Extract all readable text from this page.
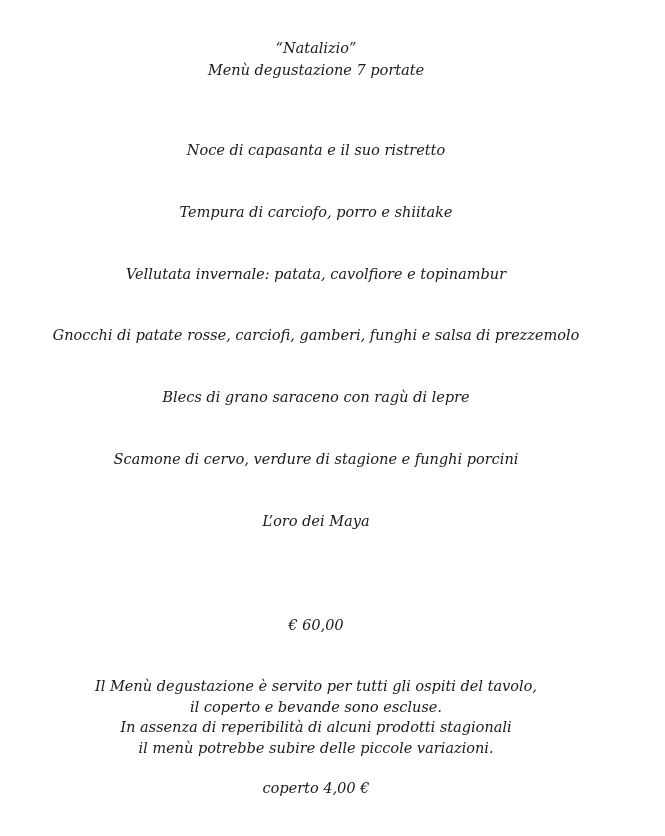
“Natalizio”
Menù degustazione 7 portate
Noce di capasanta e il suo ristretto
Tempura di carciofo, porro e shiitake
Vellutata invernale: patata, cavolfiore e topinambur
Gnocchi di patate rosse, carciofi, gamberi, funghi e salsa di prezzemolo
Blecs di grano saraceno con ragù di lepre
Scamone di cervo, verdure di stagione e funghi porcini
L’oro dei Maya
€ 60,00
Il Menù degustazione è servito per tutti gli ospiti del tavolo,
il coperto e bevande sono escluse.
In assenza di reperibilità di alcuni prodotti stagionali
il menù potrebbe subire delle piccole variazioni.
coperto 4,00 €
